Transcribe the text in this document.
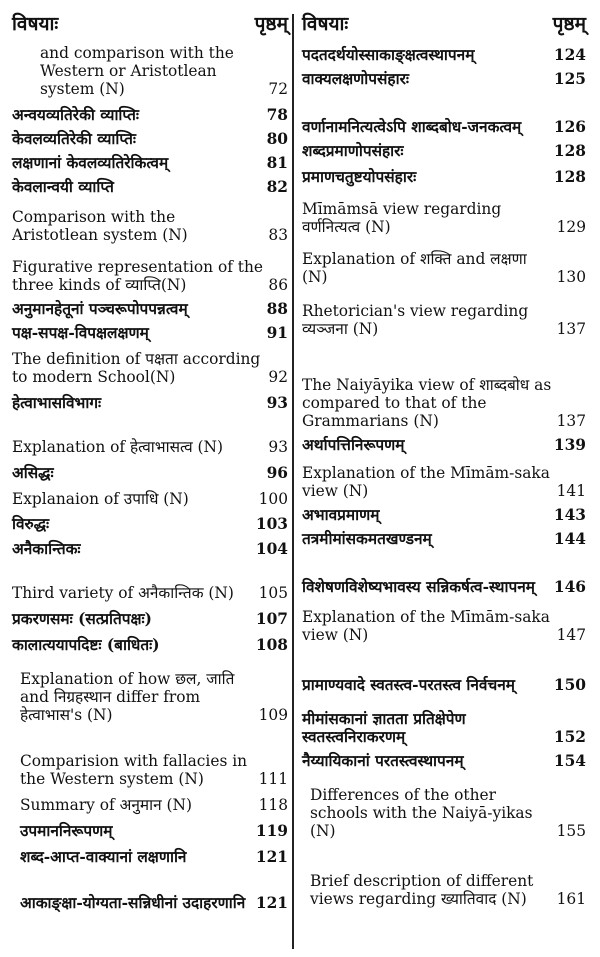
विषयाः	पृष्ठम्
and comparison with the Western or Aristotlean system (N)	72
अन्वयव्यतिरेकी व्याप्तिः	78
केवलव्यतिरेकी व्याप्तिः	80
लक्षणानां केवलव्यतिरेकित्वम्	81
केवलान्वयी व्याप्ति	82
Comparison with the Aristotlean system (N)	83
Figurative representation of the three kinds of व्याप्ति(N)	86
अनुमानहेतूनां पञ्चरूपोपपन्नत्वम्	88
पक्ष-सपक्ष-विपक्षलक्षणम्	91
The definition of पक्षता according to modern School(N)	92
हेत्वाभासविभागः	93
Explanation of हेत्वाभासत्व (N)	93
असिद्धः	96
Explanaion of उपाधि (N)	100
विरुद्धः	103
अनैकान्तिकः	104
Third variety of अनैकान्तिक (N)	105
प्रकरणसमः (सत्प्रतिपक्षः)	107
कालात्ययापदिष्टः (बाधितः)	108
Explanation of how छल, जाति and निग्रहस्थान differ from हेत्वाभास's (N)	109
Comparision with fallacies in the Western system (N)	111
Summary of अनुमान (N)	118
उपमाननिरूपणम्	119
शब्द-आप्त-वाक्यानां लक्षणानि	121
आकाङ्क्षा-योग्यता-सन्निधीनां उदाहरणानि 121
विषयाः	पृष्ठम्
पदतदर्थयोस्साकाङ्क्षत्वस्थापनम्	124
वाक्यलक्षणोपसंहारः	125
वर्णानामनित्यत्वेऽपि शाब्दबोध-जनकत्वम्	126
शब्दप्रमाणोपसंहारः	128
प्रमाणचतुष्टयोपसंहारः	128
Mīmāmsā view regarding वर्णनित्यत्व (N)	129
Explanation of शक्ति and लक्षणा (N)	130
Rhetorician's view regarding व्यञ्जना (N)	137
The Naiyāyika view of शाब्दबोध as compared to that of the Grammarians (N)	137
अर्थापत्तिनिरूपणम्	139
Explanation of the Mīmām-saka view (N)	141
अभावप्रमाणम्	143
तत्रमीमांसकमतखण्डनम्	144
विशेषणविशेष्यभावस्य सन्निकर्षत्व-स्थापनम्	146
Explanation of the Mīmām-saka view (N)	147
प्रामाण्यवादे स्वतस्त्व-परतस्त्व निर्वचनम्	150
मीमांसकानां ज्ञातता प्रतिक्षेपेण स्वतस्त्वनिराकरणम्	152
नैय्यायिकानां परतस्त्वस्थापनम्	154
Differences of the other schools with the Naiyā-yikas (N)	155
Brief description of different views regarding ख्यातिवाद (N)	161
